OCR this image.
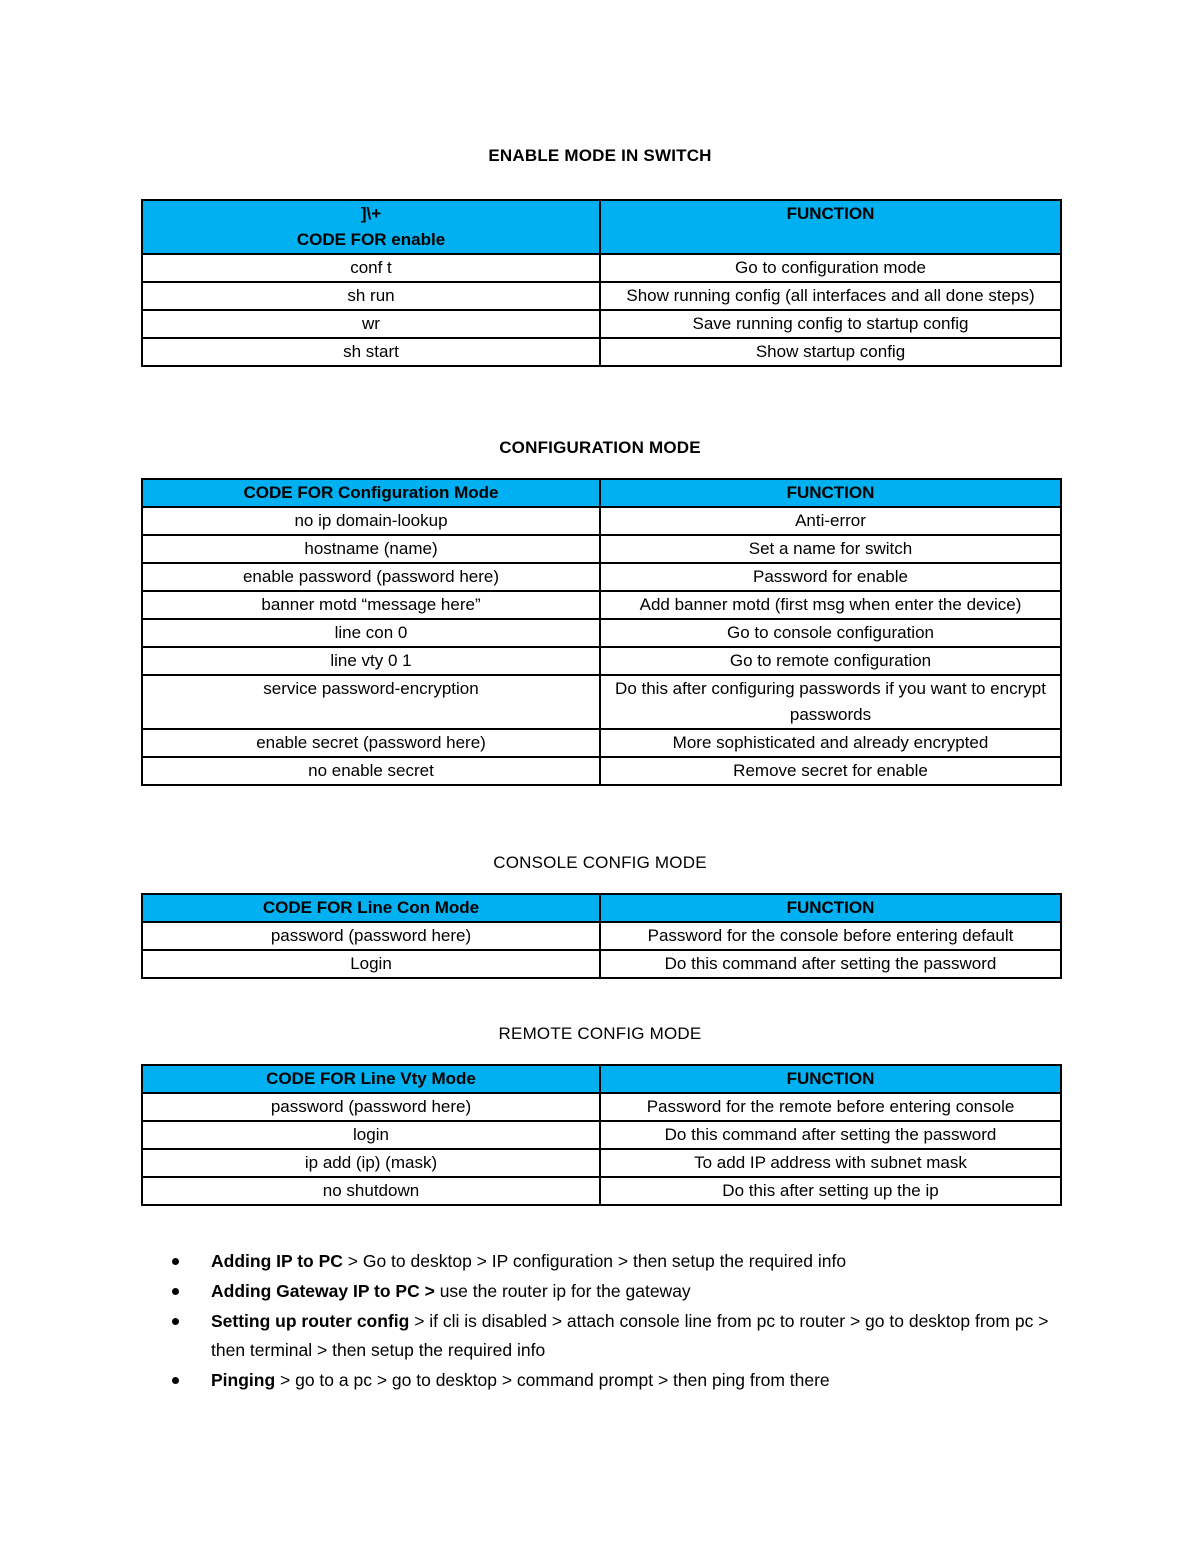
ENABLE MODE IN SWITCH
]\+
CODE FOR enable	FUNCTION
conf t	Go to configuration mode
sh run	Show running config (all interfaces and all done steps)
wr	Save running config to startup config
sh start	Show startup config
CONFIGURATION MODE
CODE FOR Configuration Mode	FUNCTION
no ip domain-lookup	Anti-error
hostname (name)	Set a name for switch
enable password (password here)	Password for enable
banner motd “message here”	Add banner motd (first msg when enter the device)
line con 0	Go to console configuration
line vty 0 1	Go to remote configuration
service password-encryption	Do this after configuring passwords if you want to encrypt passwords
enable secret (password here)	More sophisticated and already encrypted
no enable secret	Remove secret for enable
CONSOLE CONFIG MODE
CODE FOR Line Con Mode	FUNCTION
password (password here)	Password for the console before entering default
Login	Do this command after setting the password
REMOTE CONFIG MODE
CODE FOR Line Vty Mode	FUNCTION
password (password here)	Password for the remote before entering console
login	Do this command after setting the password
ip add (ip) (mask)	To add IP address with subnet mask
no shutdown	Do this after setting up the ip
Adding IP to PC > Go to desktop > IP configuration > then setup the required info
Adding Gateway IP to PC > use the router ip for the gateway
Setting up router config > if cli is disabled > attach console line from pc to router > go to desktop from pc > then terminal > then setup the required info
Pinging > go to a pc > go to desktop > command prompt > then ping from there
